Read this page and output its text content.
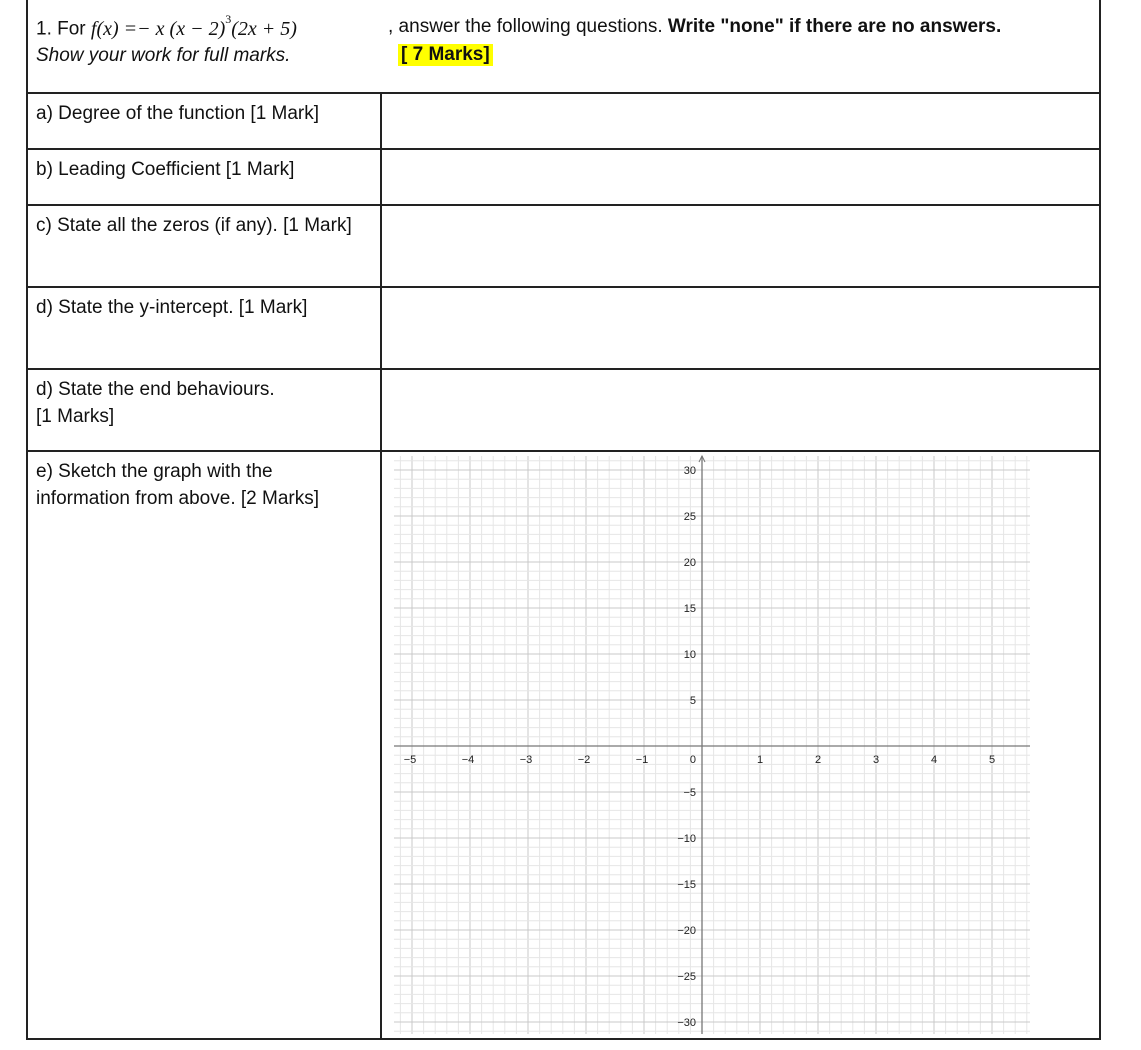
1. For f(x) =− x $(x - 2)^3(2x + 5)$	, answer the following questions. Write "none" if there are no answers.
Show your work for full marks.	[ 7 Marks]
a) Degree of the function [1 Mark]
b) Leading Coefficient [1 Mark]
c) State all the zeros (if any). [1 Mark]
d) State the y-intercept. [1 Mark]
d) State the end behaviours.
[1 Marks]
e) Sketch the graph with the
information from above. [2 Marks]
−5	−4	−3	−2	−1	1	2	3	4	5
30
25
20
15
10
5
−5
−10
−15
−20
−25
−30
0
